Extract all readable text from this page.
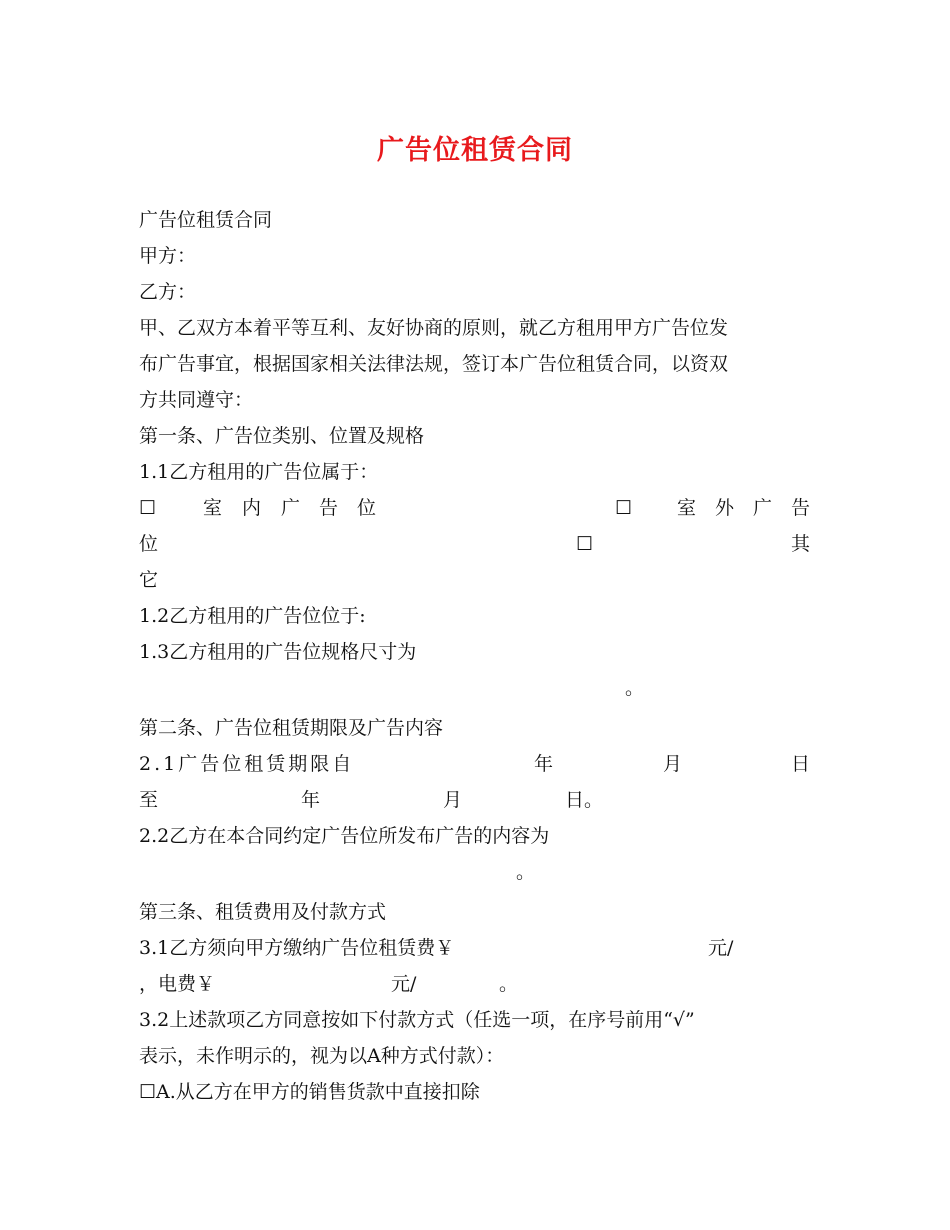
广告位租赁合同
广告位租赁合同
甲方：
乙方：
甲、乙双方本着平等互利、友好协商的原则，就乙方租用甲方广告位发
布广告事宜，根据国家相关法律法规，签订本广告位租赁合同，以资双
方共同遵守：
第一条、广告位类别、位置及规格
1.1乙方租用的广告位属于：
☐ 室 内 广 告 位	☐ 室 外 广 告
位	☐	其
它
1.2乙方租用的广告位位于:
1.3乙方租用的广告位规格尺寸为
。
第二条、广告位租赁期限及广告内容
2.1广告位租赁期限自	年	月	日
至	年	月	日。
2.2乙方在本合同约定广告位所发布广告的内容为
。
第三条、租赁费用及付款方式
3.1乙方须向甲方缴纳广告位租赁费￥	元/
，电费￥	元/	。
3.2上述款项乙方同意按如下付款方式（任选一项，在序号前用“√”
表示，未作明示的，视为以A种方式付款）：
☐A.从乙方在甲方的销售货款中直接扣除
